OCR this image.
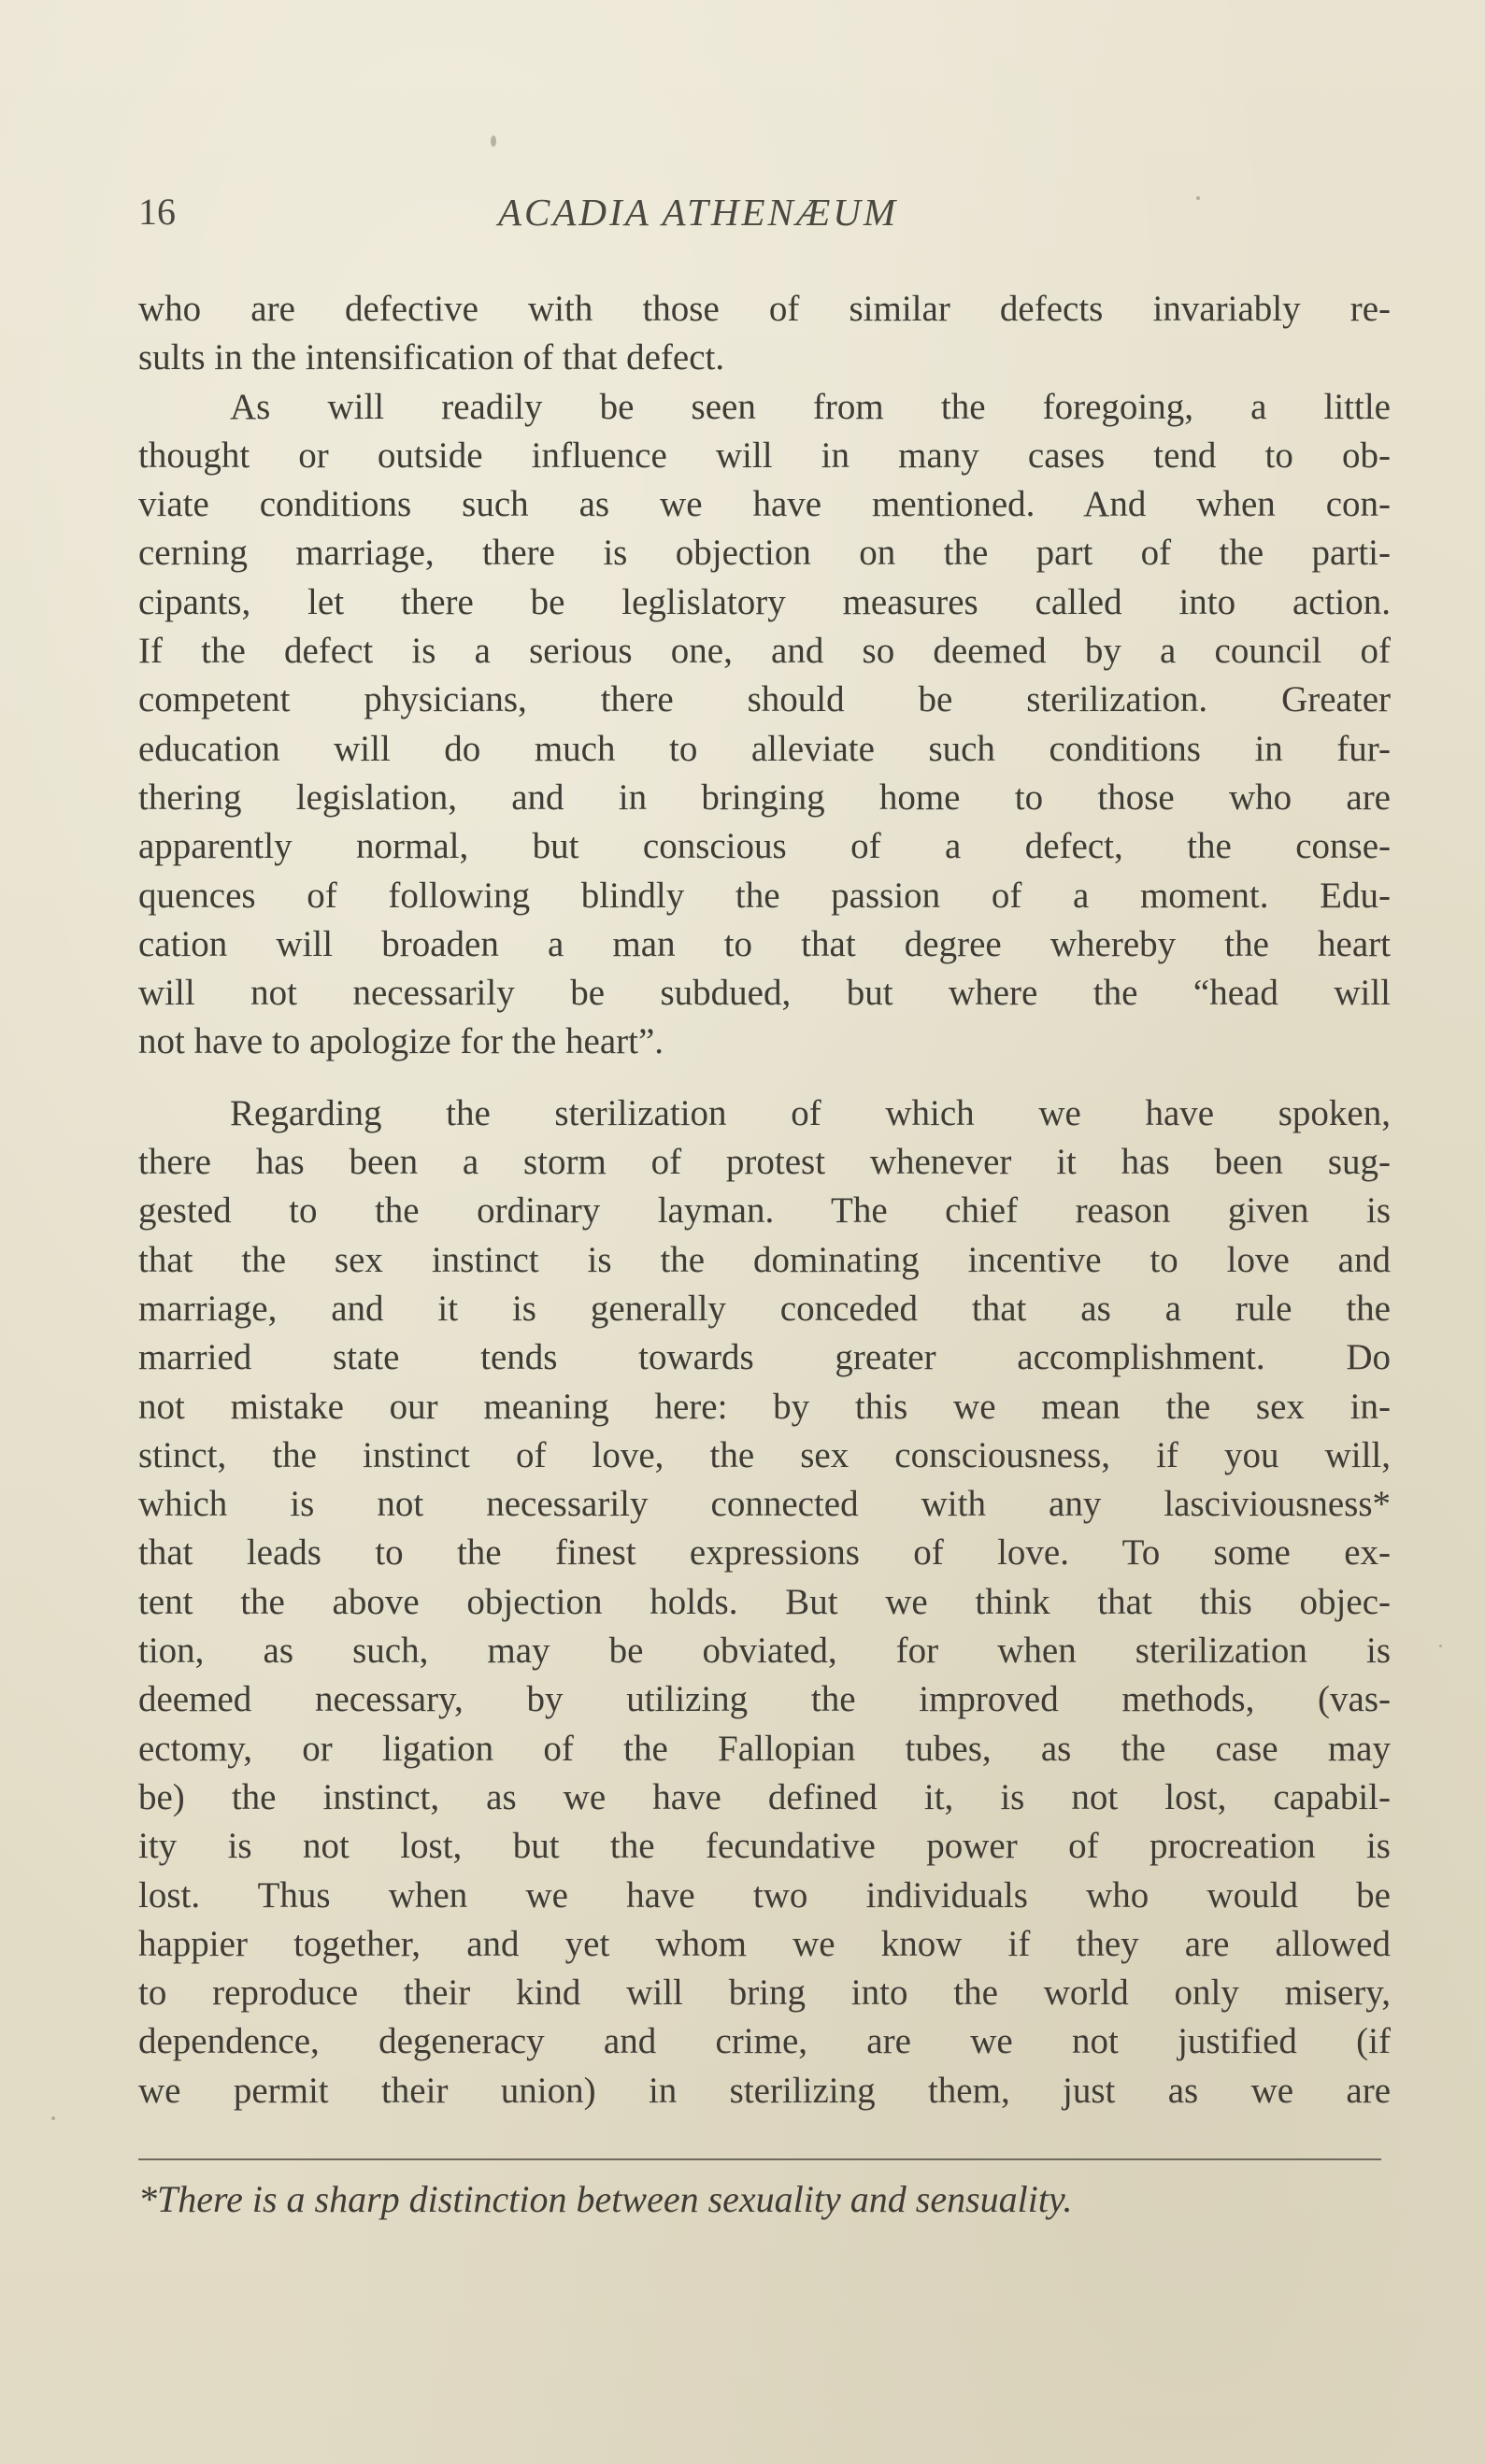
16	ACADIA ATHENÆUM
who are defective with those of similar defects invariably re-
sults in the intensification of that defect.
As will readily be seen from the foregoing, a little
thought or outside influence will in many cases tend to ob-
viate conditions such as we have mentioned. And when con-
cerning marriage, there is objection on the part of the parti-
cipants, let there be leglislatory measures called into action.
If the defect is a serious one, and so deemed by a council of
competent physicians, there should be sterilization. Greater
education will do much to alleviate such conditions in fur-
thering legislation, and in bringing home to those who are
apparently normal, but conscious of a defect, the conse-
quences of following blindly the passion of a moment. Edu-
cation will broaden a man to that degree whereby the heart
will not necessarily be subdued, but where the “head will
not have to apologize for the heart”.
Regarding the sterilization of which we have spoken,
there has been a storm of protest whenever it has been sug-
gested to the ordinary layman. The chief reason given is
that the sex instinct is the dominating incentive to love and
marriage, and it is generally conceded that as a rule the
married state tends towards greater accomplishment. Do
not mistake our meaning here: by this we mean the sex in-
stinct, the instinct of love, the sex consciousness, if you will,
which is not necessarily connected with any lasciviousness*
that leads to the finest expressions of love. To some ex-
tent the above objection holds. But we think that this objec-
tion, as such, may be obviated, for when sterilization is
deemed necessary, by utilizing the improved methods, (vas-
ectomy, or ligation of the Fallopian tubes, as the case may
be) the instinct, as we have defined it, is not lost, capabil-
ity is not lost, but the fecundative power of procreation is
lost. Thus when we have two individuals who would be
happier together, and yet whom we know if they are allowed
to reproduce their kind will bring into the world only misery,
dependence, degeneracy and crime, are we not justified (if
we permit their union) in sterilizing them, just as we are
*There is a sharp distinction between sexuality and sensuality.
